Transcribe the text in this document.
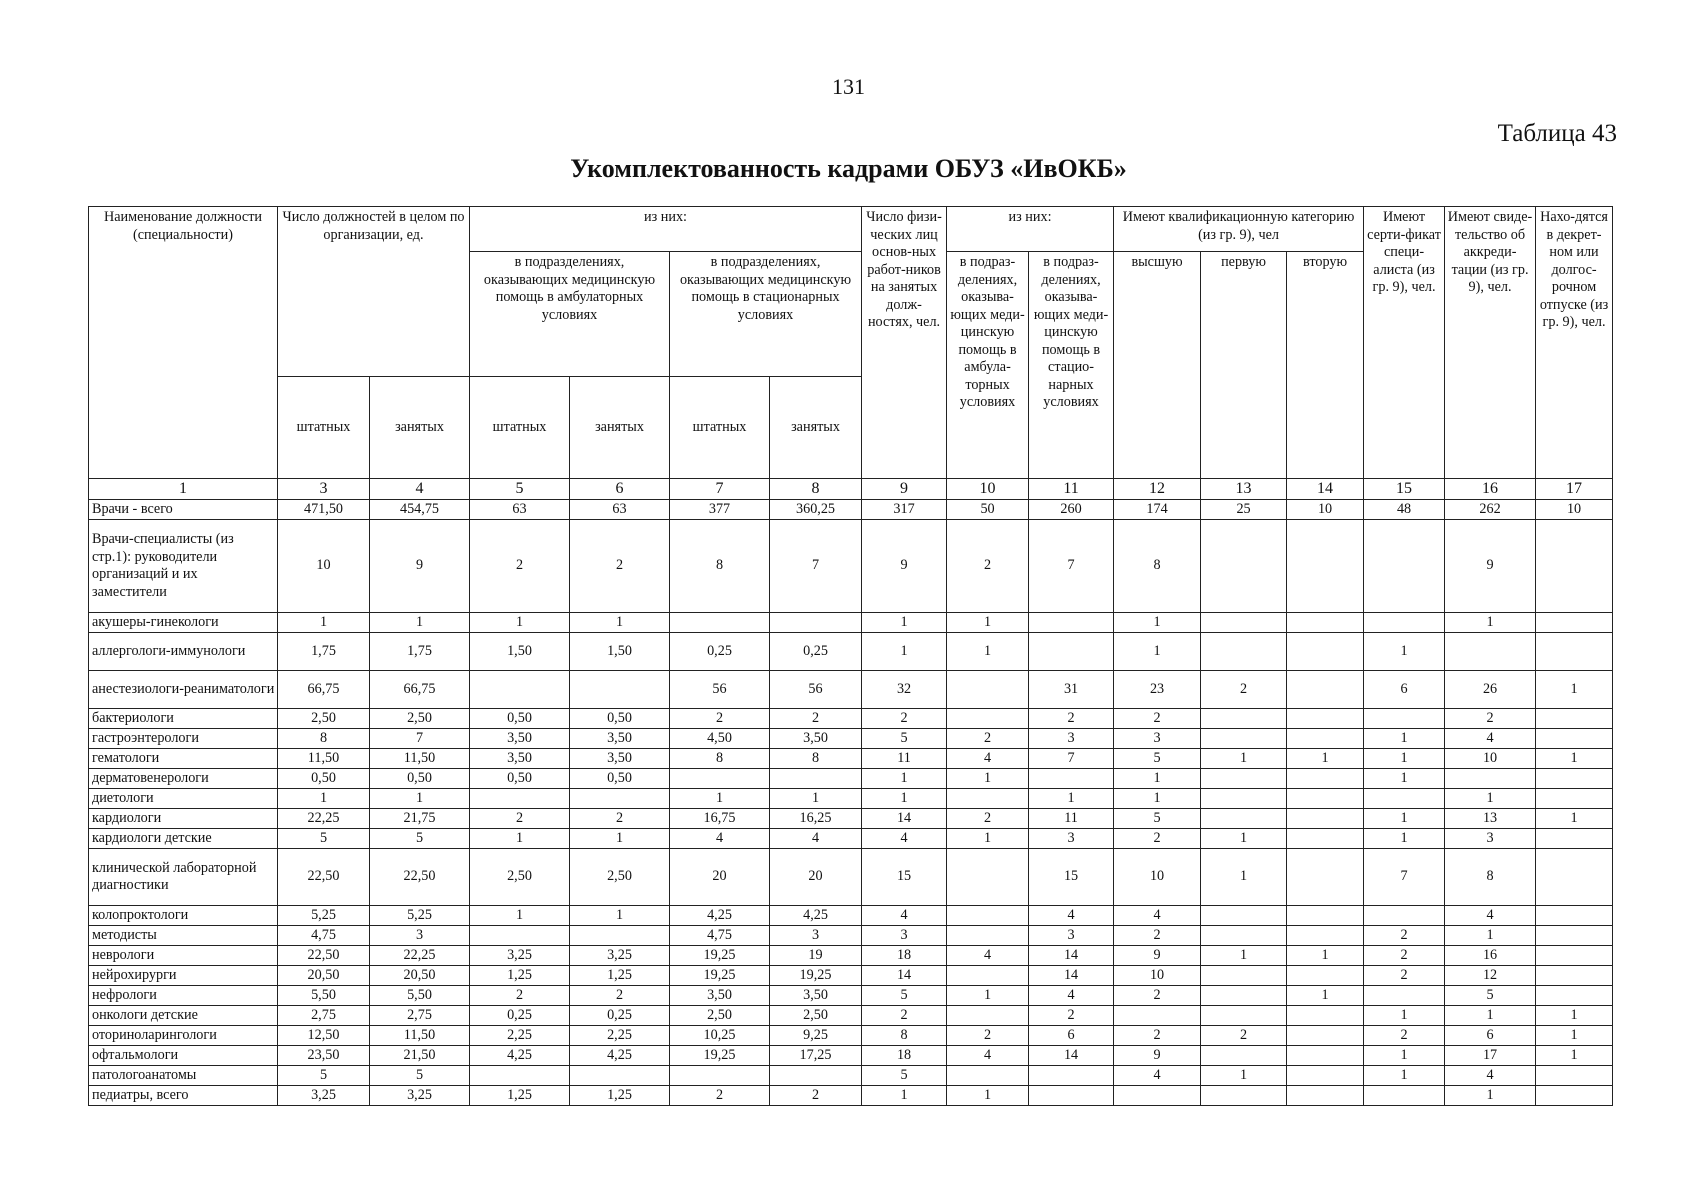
131
Таблица 43
Укомплектованность кадрами ОБУЗ «ИвОКБ»
Наименование должности (специальности)	Число должностей в целом по организации, ед.		из них:				Число физи-ческих лиц основ-ных работ-ников на занятых долж-ностях, чел.	из них:		Имеют квалификационную категорию (из гр. 9), чел			Имеют серти-фикат специ-алиста (из гр. 9), чел.	Имеют свиде-тельство об аккреди-тации (из гр. 9), чел.	Нахо-дятся в декрет-ном или долгос-рочном отпуске (из гр. 9), чел.
			в подразделениях, оказывающих медицинскую помощь в амбулаторных условиях		в подразделениях, оказывающих медицинскую помощь в стационарных условиях			в подраз-делениях, оказыва-ющих меди-цинскую помощь в амбула-торных условиях	в подраз-делениях, оказыва-ющих меди-цинскую помощь в стацио-нарных условиях	высшую	первую	вторую			
	штатных	занятых	штатных	занятых	штатных	занятых									
1	3	4	5	6	7	8	9	10	11	12	13	14	15	16	17
Врачи - всего	471,50	454,75	63	63	377	360,25	317	50	260	174	25	10	48	262	10
Врачи-специалисты (из стр.1): руководители организаций и их заместители	10	9	2	2	8	7	9	2	7	8				9	
акушеры-гинекологи	1	1	1	1			1	1		1				1	
аллергологи-иммунологи	1,75	1,75	1,50	1,50	0,25	0,25	1	1		1			1		
анестезиологи-реаниматологи	66,75	66,75			56	56	32		31	23	2		6	26	1
бактериологи	2,50	2,50	0,50	0,50	2	2	2		2	2				2	
гастроэнтерологи	8	7	3,50	3,50	4,50	3,50	5	2	3	3			1	4	
гематологи	11,50	11,50	3,50	3,50	8	8	11	4	7	5	1	1	1	10	1
дерматовенерологи	0,50	0,50	0,50	0,50			1	1		1			1		
диетологи	1	1			1	1	1		1	1				1	
кардиологи	22,25	21,75	2	2	16,75	16,25	14	2	11	5			1	13	1
кардиологи детские	5	5	1	1	4	4	4	1	3	2	1		1	3	
клинической лабораторной диагностики	22,50	22,50	2,50	2,50	20	20	15		15	10	1		7	8	
колопроктологи	5,25	5,25	1	1	4,25	4,25	4		4	4				4	
методисты	4,75	3			4,75	3	3		3	2			2	1	
неврологи	22,50	22,25	3,25	3,25	19,25	19	18	4	14	9	1	1	2	16	
нейрохирурги	20,50	20,50	1,25	1,25	19,25	19,25	14		14	10			2	12	
нефрологи	5,50	5,50	2	2	3,50	3,50	5	1	4	2		1		5	
онкологи детские	2,75	2,75	0,25	0,25	2,50	2,50	2		2				1	1	1
оториноларингологи	12,50	11,50	2,25	2,25	10,25	9,25	8	2	6	2	2		2	6	1
офтальмологи	23,50	21,50	4,25	4,25	19,25	17,25	18	4	14	9			1	17	1
патологоанатомы	5	5					5			4	1		1	4	
педиатры, всего	3,25	3,25	1,25	1,25	2	2	1	1						1	
